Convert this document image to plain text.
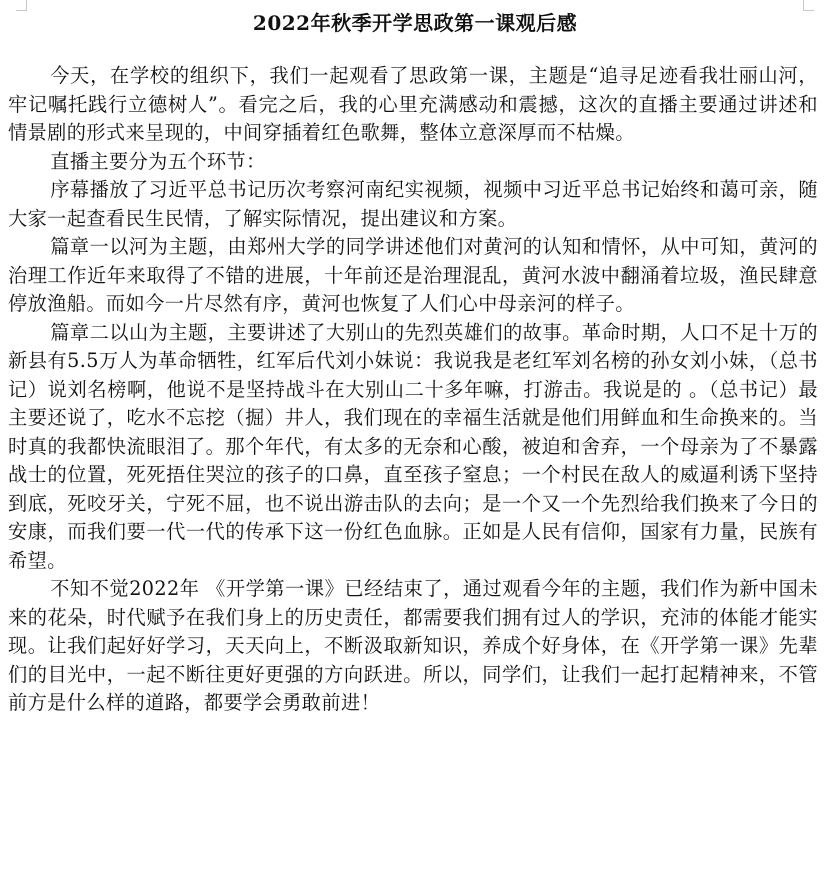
2022年秋季开学思政第一课观后感

今天，在学校的组织下，我们一起观看了思政第一课，主题是“追寻足迹看我壮丽山河，牢记嘱托践行立德树人”。看完之后，我的心里充满感动和震撼，这次的直播主要通过讲述和情景剧的形式来呈现的，中间穿插着红色歌舞，整体立意深厚而不枯燥。

直播主要分为五个环节：

序幕播放了习近平总书记历次考察河南纪实视频，视频中习近平总书记始终和蔼可亲，随大家一起查看民生民情，了解实际情况，提出建议和方案。

篇章一以河为主题，由郑州大学的同学讲述他们对黄河的认知和情怀，从中可知，黄河的治理工作近年来取得了不错的进展，十年前还是治理混乱，黄河水波中翻涌着垃圾，渔民肆意停放渔船。而如今一片尽然有序，黄河也恢复了人们心中母亲河的样子。

篇章二以山为主题，主要讲述了大别山的先烈英雄们的故事。革命时期，人口不足十万的新县有5.5万人为革命牺牲，红军后代刘小妹说：我说我是老红军刘名榜的孙女刘小妹，（总书记）说刘名榜啊，他说不是坚持战斗在大别山二十多年嘛，打游击。我说是的 。（总书记）最主要还说了，吃水不忘挖（掘）井人，我们现在的幸福生活就是他们用鲜血和生命换来的。当时真的我都快流眼泪了。那个年代，有太多的无奈和心酸，被迫和舍弃，一个母亲为了不暴露战士的位置，死死捂住哭泣的孩子的口鼻，直至孩子窒息；一个村民在敌人的威逼利诱下坚持到底，死咬牙关，宁死不屈，也不说出游击队的去向；是一个又一个先烈给我们换来了今日的安康，而我们要一代一代的传承下这一份红色血脉。正如是人民有信仰，国家有力量，民族有希望。

不知不觉2022年 《开学第一课》已经结束了，通过观看今年的主题，我们作为新中国未来的花朵，时代赋予在我们身上的历史责任，都需要我们拥有过人的学识，充沛的体能才能实现。让我们起好好学习，天天向上，不断汲取新知识，养成个好身体，在《开学第一课》先辈们的目光中，一起不断往更好更强的方向跃进。所以，同学们，让我们一起打起精神来，不管前方是什么样的道路，都要学会勇敢前进！
